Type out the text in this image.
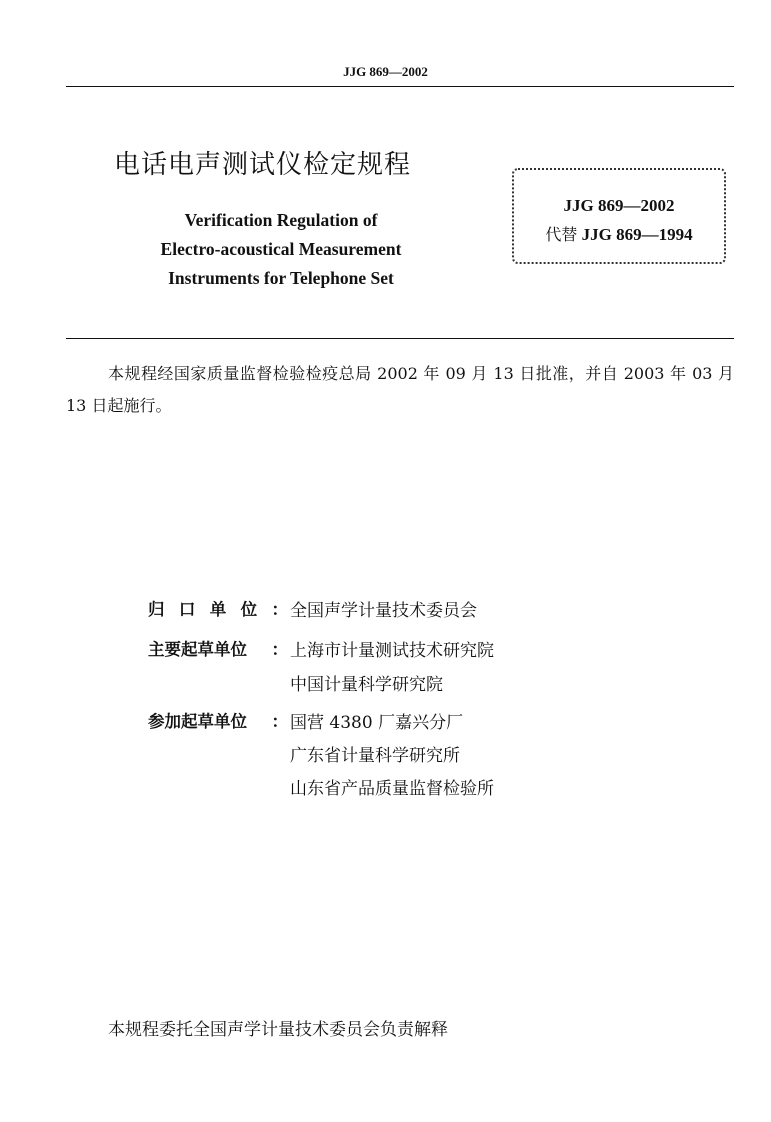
JJG 869—2002
电话电声测试仪检定规程
Verification Regulation of
Electro-acoustical Measurement
Instruments for Telephone Set
JJG 869—2002
代替 JJG 869—1994
本规程经国家质量监督检验检疫总局 2002 年 09 月 13 日批准，并自 2003 年 03 月 13 日起施行。
归 口 单 位 ： 全国声学计量技术委员会
主要起草单位 ： 上海市计量测试技术研究院
中国计量科学研究院
参加起草单位 ： 国营 4380 厂嘉兴分厂
广东省计量科学研究所
山东省产品质量监督检验所
本规程委托全国声学计量技术委员会负责解释
